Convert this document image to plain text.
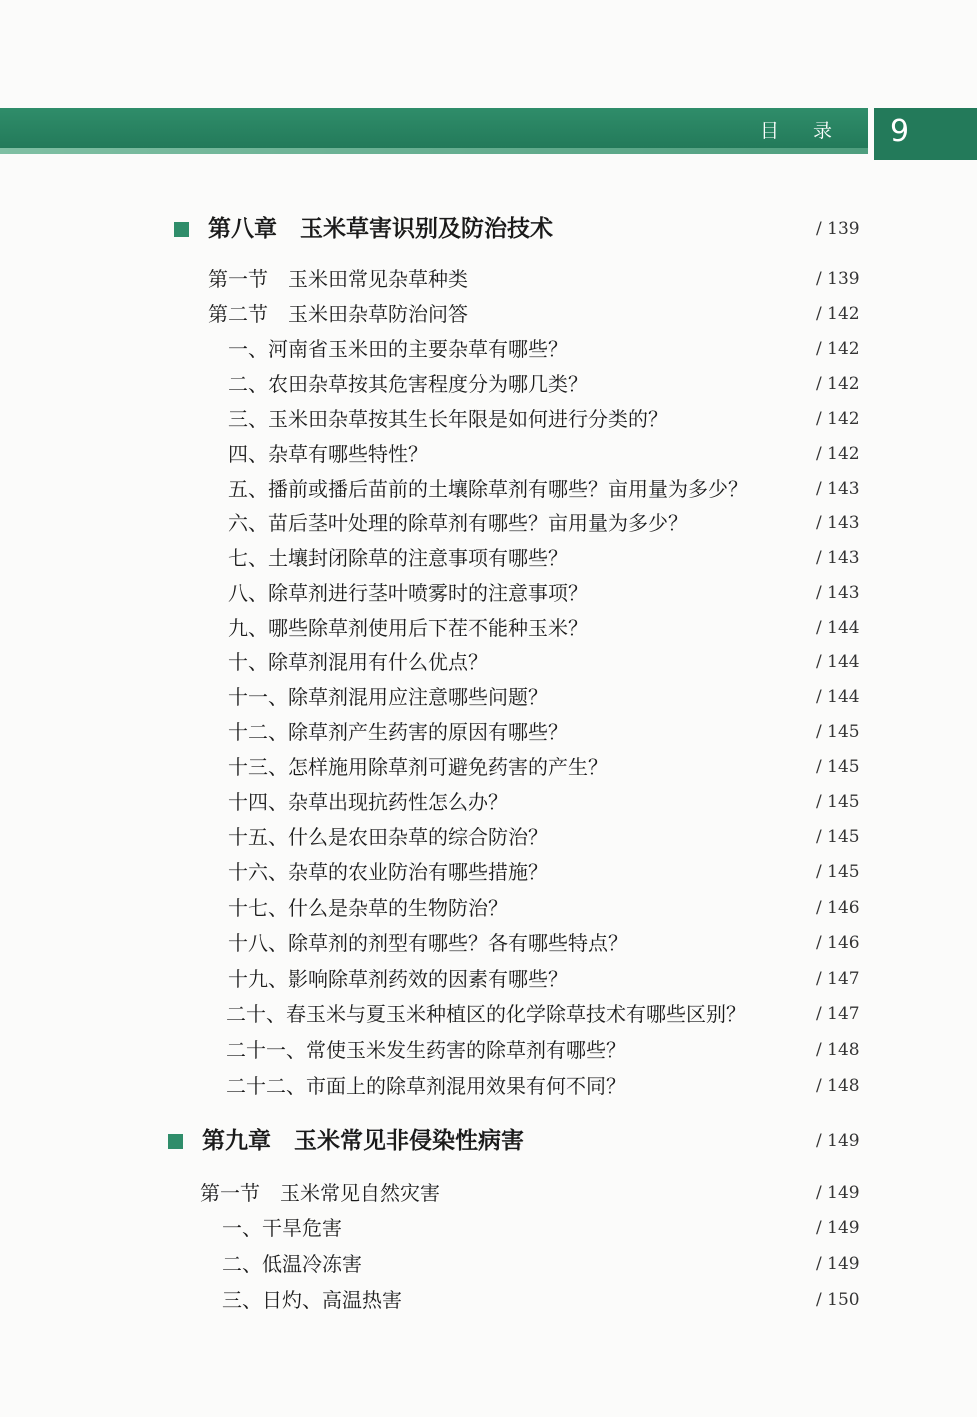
目 录 9
第八章　玉米草害识别及防治技术	/ 139
第一节　玉米田常见杂草种类	/ 139
第二节　玉米田杂草防治问答	/ 142
一、河南省玉米田的主要杂草有哪些？	/ 142
二、农田杂草按其危害程度分为哪几类？	/ 142
三、玉米田杂草按其生长年限是如何进行分类的？	/ 142
四、杂草有哪些特性？	/ 142
五、播前或播后苗前的土壤除草剂有哪些？亩用量为多少？	/ 143
六、苗后茎叶处理的除草剂有哪些？亩用量为多少？	/ 143
七、土壤封闭除草的注意事项有哪些？	/ 143
八、除草剂进行茎叶喷雾时的注意事项？	/ 143
九、哪些除草剂使用后下茬不能种玉米？	/ 144
十、除草剂混用有什么优点？	/ 144
十一、除草剂混用应注意哪些问题？	/ 144
十二、除草剂产生药害的原因有哪些？	/ 145
十三、怎样施用除草剂可避免药害的产生？	/ 145
十四、杂草出现抗药性怎么办？	/ 145
十五、什么是农田杂草的综合防治？	/ 145
十六、杂草的农业防治有哪些措施？	/ 145
十七、什么是杂草的生物防治？	/ 146
十八、除草剂的剂型有哪些？各有哪些特点？	/ 146
十九、影响除草剂药效的因素有哪些？	/ 147
二十、春玉米与夏玉米种植区的化学除草技术有哪些区别？	/ 147
二十一、常使玉米发生药害的除草剂有哪些？	/ 148
二十二、市面上的除草剂混用效果有何不同？	/ 148
第九章　玉米常见非侵染性病害	/ 149
第一节　玉米常见自然灾害	/ 149
一、干旱危害	/ 149
二、低温冷冻害	/ 149
三、日灼、高温热害	/ 150
